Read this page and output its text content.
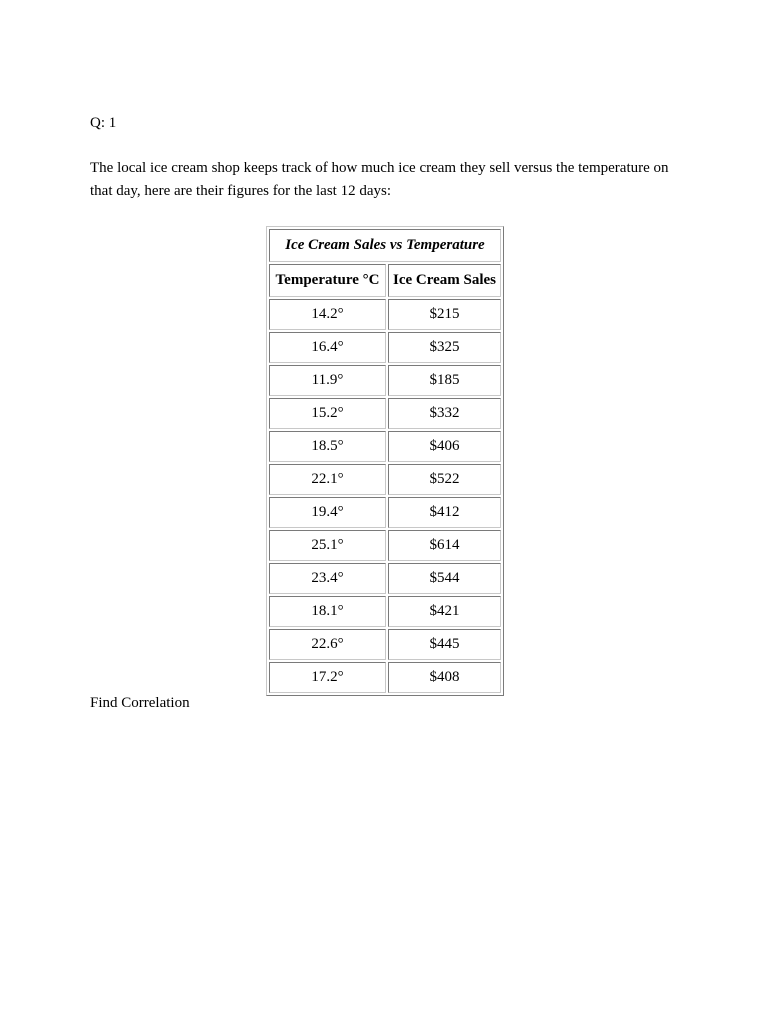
Q: 1
The local ice cream shop keeps track of how much ice cream they sell versus the temperature on that day, here are their figures for the last 12 days:
Ice Cream Sales vs Temperature	
Temperature °C	Ice Cream Sales
14.2°	$215
16.4°	$325
11.9°	$185
15.2°	$332
18.5°	$406
22.1°	$522
19.4°	$412
25.1°	$614
23.4°	$544
18.1°	$421
22.6°	$445
17.2°	$408
Find Correlation
